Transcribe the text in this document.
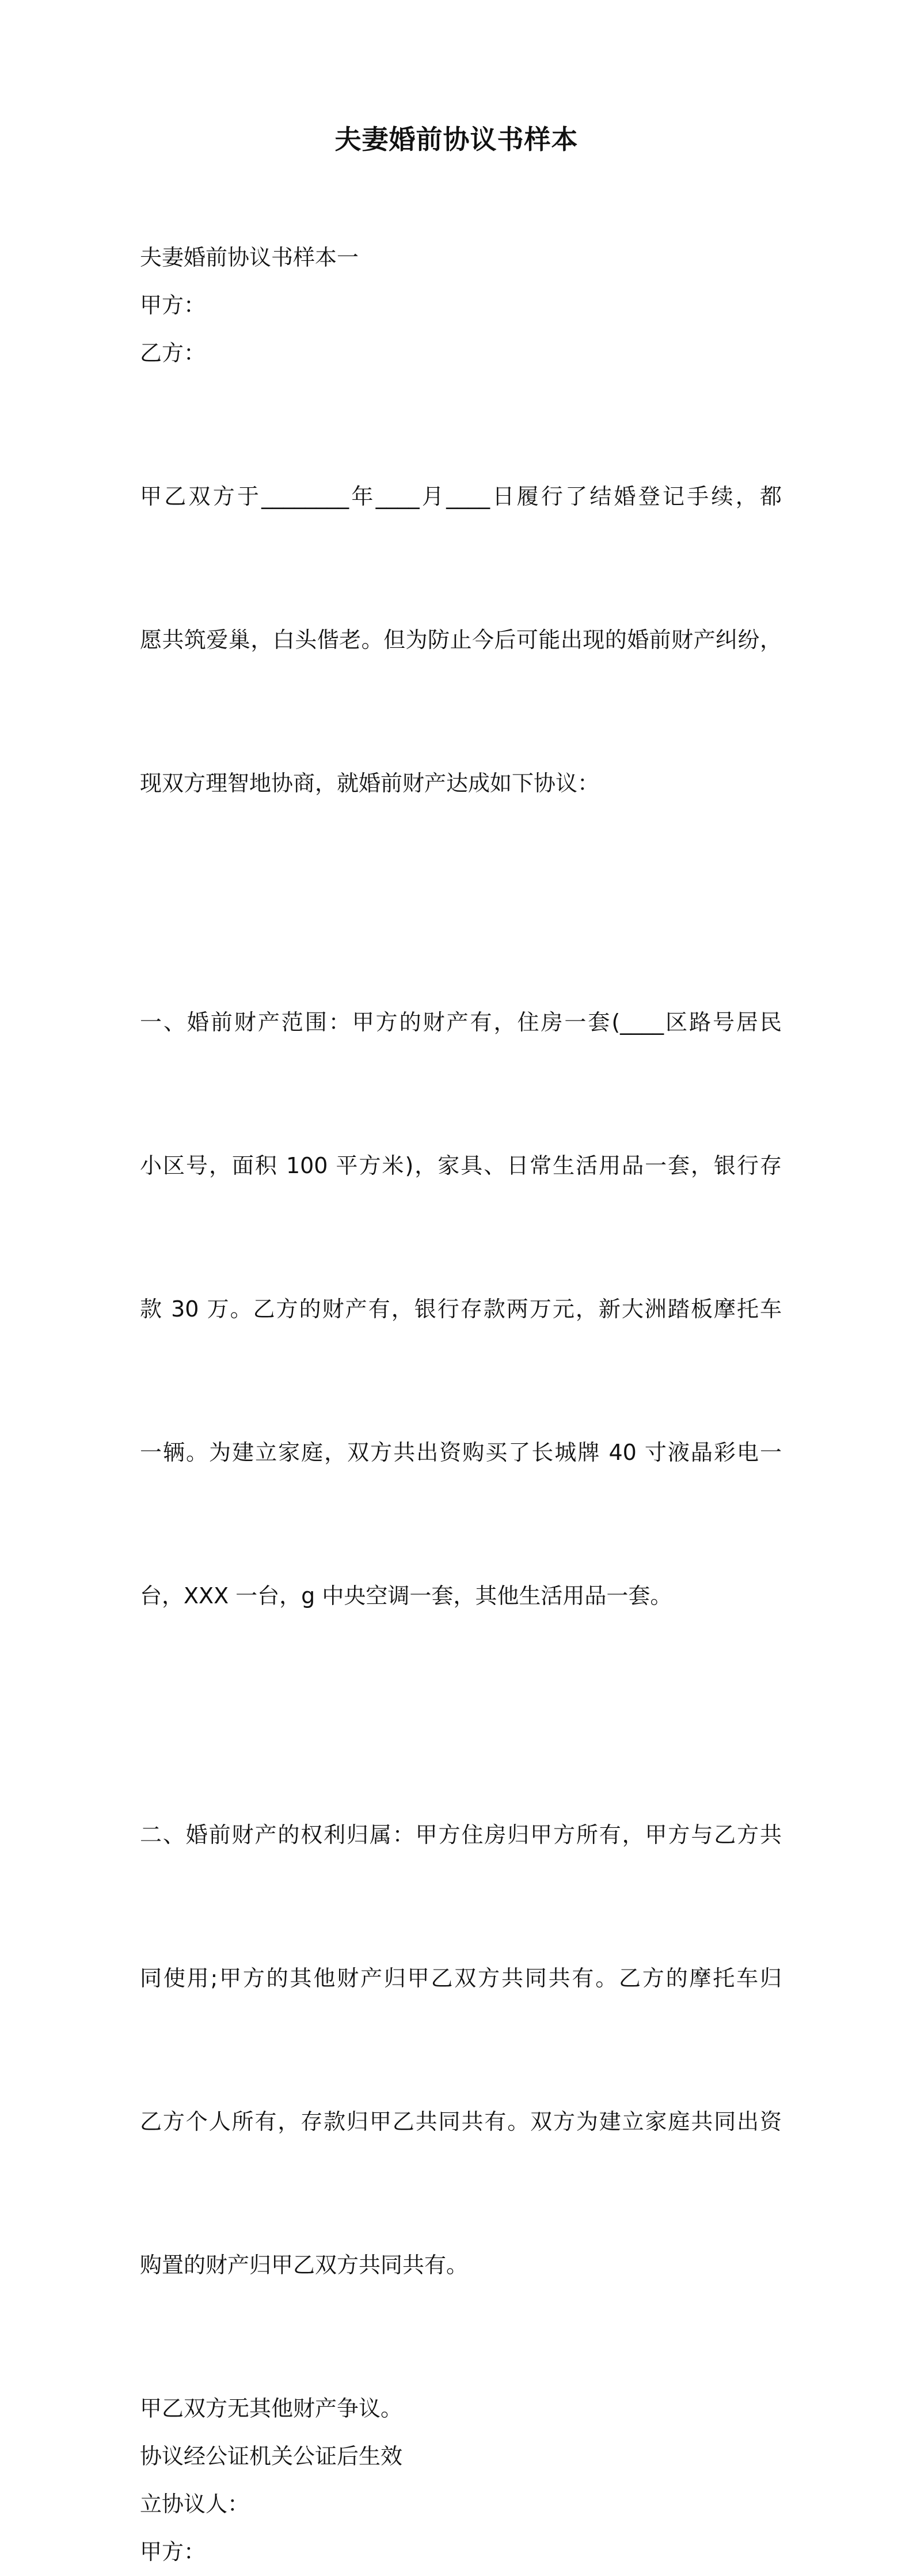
夫妻婚前协议书样本
夫妻婚前协议书样本一
甲方：
乙方：

甲乙双方于________年____月____日履行了结婚登记手续，都

愿共筑爱巢，白头偕老。但为防止今后可能出现的婚前财产纠纷，

现双方理智地协商，就婚前财产达成如下协议：

一、婚前财产范围：甲方的财产有，住房一套(____区路号居民

小区号，面积 100 平方米)，家具、日常生活用品一套，银行存

款 30 万。乙方的财产有，银行存款两万元，新大洲踏板摩托车

一辆。为建立家庭，双方共出资购买了长城牌 40 寸液晶彩电一

台，XXX 一台，g 中央空调一套，其他生活用品一套。

二、婚前财产的权利归属：甲方住房归甲方所有，甲方与乙方共

同使用;甲方的其他财产归甲乙双方共同共有。乙方的摩托车归

乙方个人所有，存款归甲乙共同共有。双方为建立家庭共同出资

购置的财产归甲乙双方共同共有。

甲乙双方无其他财产争议。
协议经公证机关公证后生效
立协议人：
甲方：
